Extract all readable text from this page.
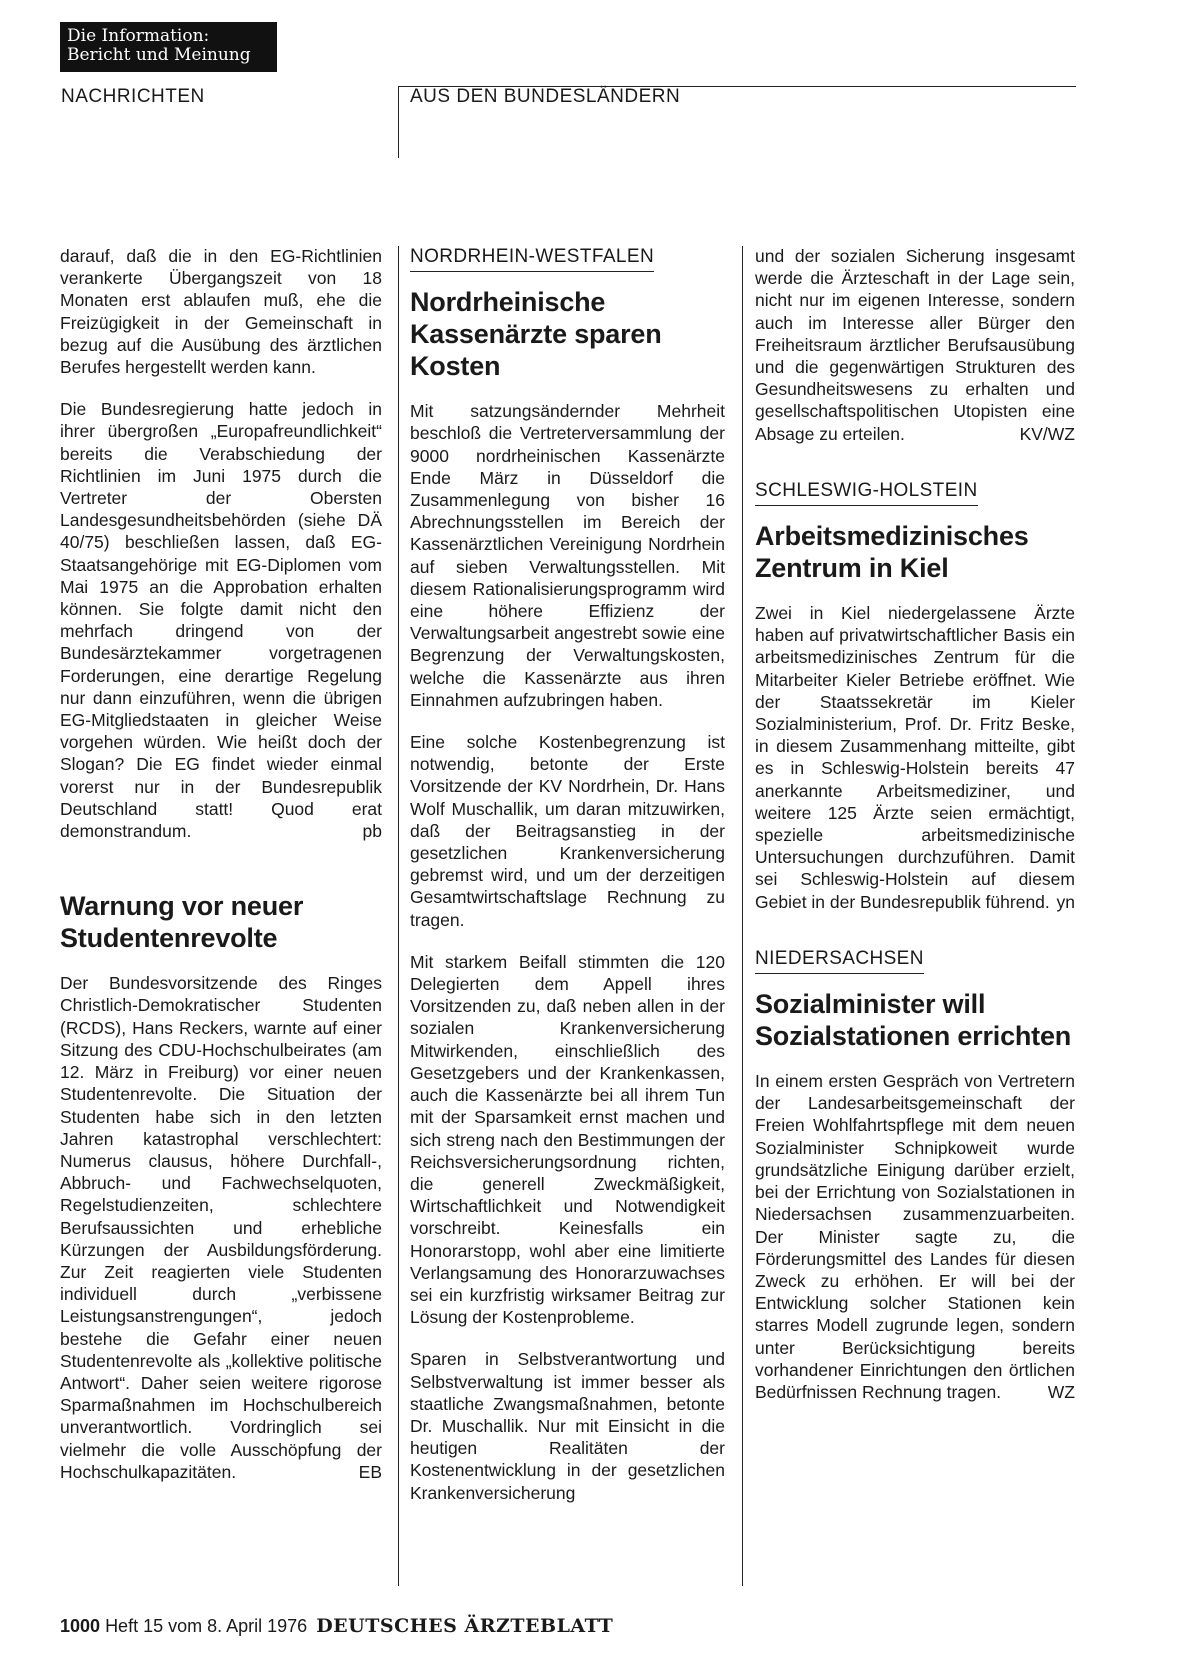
Die Information:
Bericht und Meinung
NACHRICHTEN	AUS DEN BUNDESLÄNDERN

darauf, daß die in den EG-Richtlinien verankerte Übergangszeit von 18 Monaten erst ablaufen muß, ehe die Freizügigkeit in der Gemeinschaft in bezug auf die Ausübung des ärztlichen Berufes hergestellt werden kann.

Die Bundesregierung hatte jedoch in ihrer übergroßen „Europafreundlichkeit“ bereits die Verabschiedung der Richtlinien im Juni 1975 durch die Vertreter der Obersten Landesgesundheitsbehörden (siehe DÄ 40/75) beschließen lassen, daß EG-Staatsangehörige mit EG-Diplomen vom Mai 1975 an die Approbation erhalten können. Sie folgte damit nicht den mehrfach dringend von der Bundesärztekammer vorgetragenen Forderungen, eine derartige Regelung nur dann einzuführen, wenn die übrigen EG-Mitgliedstaaten in gleicher Weise vorgehen würden. Wie heißt doch der Slogan? Die EG findet wieder einmal vorerst nur in der Bundesrepublik Deutschland statt! Quod erat demonstrandum.	pb

Warnung vor neuer Studentenrevolte

Der Bundesvorsitzende des Ringes Christlich-Demokratischer Studenten (RCDS), Hans Reckers, warnte auf einer Sitzung des CDU-Hochschulbeirates (am 12. März in Freiburg) vor einer neuen Studentenrevolte. Die Situation der Studenten habe sich in den letzten Jahren katastrophal verschlechtert: Numerus clausus, höhere Durchfall-, Abbruch- und Fachwechselquoten, Regelstudienzeiten, schlechtere Berufsaussichten und erhebliche Kürzungen der Ausbildungsförderung. Zur Zeit reagierten viele Studenten individuell durch „verbissene Leistungsanstrengungen“, jedoch bestehe die Gefahr einer neuen Studentenrevolte als „kollektive politische Antwort“. Daher seien weitere rigorose Sparmaßnahmen im Hochschulbereich unverantwortlich. Vordringlich sei vielmehr die volle Ausschöpfung der Hochschulkapazitäten.	EB

NORDRHEIN-WESTFALEN
Nordrheinische Kassenärzte sparen Kosten

Mit satzungsändernder Mehrheit beschloß die Vertreterversammlung der 9000 nordrheinischen Kassenärzte Ende März in Düsseldorf die Zusammenlegung von bisher 16 Abrechnungsstellen im Bereich der Kassenärztlichen Vereinigung Nordrhein auf sieben Verwaltungsstellen. Mit diesem Rationalisierungsprogramm wird eine höhere Effizienz der Verwaltungsarbeit angestrebt sowie eine Begrenzung der Verwaltungskosten, welche die Kassenärzte aus ihren Einnahmen aufzubringen haben.

Eine solche Kostenbegrenzung ist notwendig, betonte der Erste Vorsitzende der KV Nordrhein, Dr. Hans Wolf Muschallik, um daran mitzuwirken, daß der Beitragsanstieg in der gesetzlichen Krankenversicherung gebremst wird, und um der derzeitigen Gesamtwirtschaftslage Rechnung zu tragen.

Mit starkem Beifall stimmten die 120 Delegierten dem Appell ihres Vorsitzenden zu, daß neben allen in der sozialen Krankenversicherung Mitwirkenden, einschließlich des Gesetzgebers und der Krankenkassen, auch die Kassenärzte bei all ihrem Tun mit der Sparsamkeit ernst machen und sich streng nach den Bestimmungen der Reichsversicherungsordnung richten, die generell Zweckmäßigkeit, Wirtschaftlichkeit und Notwendigkeit vorschreibt. Keinesfalls ein Honorarstopp, wohl aber eine limitierte Verlangsamung des Honorarzuwachses sei ein kurzfristig wirksamer Beitrag zur Lösung der Kostenprobleme.

Sparen in Selbstverantwortung und Selbstverwaltung ist immer besser als staatliche Zwangsmaßnahmen, betonte Dr. Muschallik. Nur mit Einsicht in die heutigen Realitäten der Kostenentwicklung in der gesetzlichen Krankenversicherung

und der sozialen Sicherung insgesamt werde die Ärzteschaft in der Lage sein, nicht nur im eigenen Interesse, sondern auch im Interesse aller Bürger den Freiheitsraum ärztlicher Berufsausübung und die gegenwärtigen Strukturen des Gesundheitswesens zu erhalten und gesellschaftspolitischen Utopisten eine Absage zu erteilen.	KV/WZ

SCHLESWIG-HOLSTEIN
Arbeitsmedizinisches Zentrum in Kiel

Zwei in Kiel niedergelassene Ärzte haben auf privatwirtschaftlicher Basis ein arbeitsmedizinisches Zentrum für die Mitarbeiter Kieler Betriebe eröffnet. Wie der Staatssekretär im Kieler Sozialministerium, Prof. Dr. Fritz Beske, in diesem Zusammenhang mitteilte, gibt es in Schleswig-Holstein bereits 47 anerkannte Arbeitsmediziner, und weitere 125 Ärzte seien ermächtigt, spezielle arbeitsmedizinische Untersuchungen durchzuführen. Damit sei Schleswig-Holstein auf diesem Gebiet in der Bundesrepublik führend. yn

NIEDERSACHSEN
Sozialminister will Sozialstationen errichten

In einem ersten Gespräch von Vertretern der Landesarbeitsgemeinschaft der Freien Wohlfahrtspflege mit dem neuen Sozialminister Schnipkoweit wurde grundsätzliche Einigung darüber erzielt, bei der Errichtung von Sozialstationen in Niedersachsen zusammenzuarbeiten. Der Minister sagte zu, die Förderungsmittel des Landes für diesen Zweck zu erhöhen. Er will bei der Entwicklung solcher Stationen kein starres Modell zugrunde legen, sondern unter Berücksichtigung bereits vorhandener Einrichtungen den örtlichen Bedürfnissen Rechnung tragen.	WZ

1000 Heft 15 vom 8. April 1976 DEUTSCHES ÄRZTEBLATT
